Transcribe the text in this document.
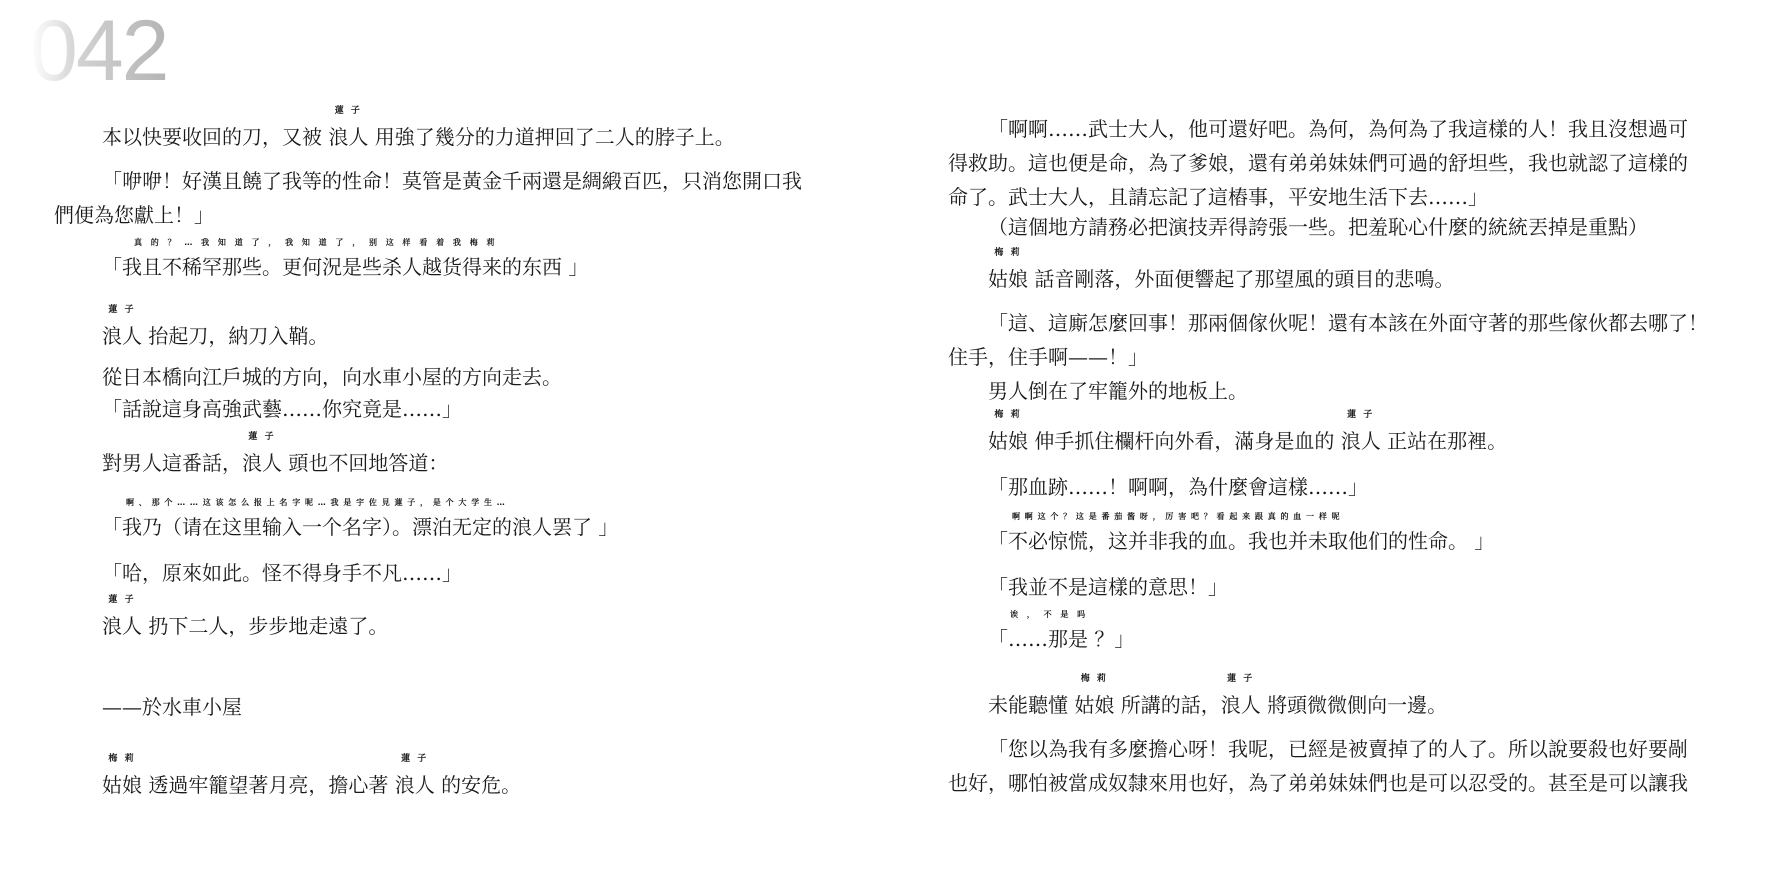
042
本以快要收回的刀，又被
蓮 子
浪人 用強了幾分的力道押回了二人的脖子上。
「咿咿！好漢且饒了我等的性命！莫管是黃金千兩還是綢緞百匹，只消您開口我
們便為您獻上！」
真 的 ？ … 我 知 道 了 ， 我 知 道 了 ， 别 这 样 看 着 我 梅 莉
「我且不稀罕那些。更何況是些杀人越货得来的东西 」
蓮 子
浪人 抬起刀，納刀入鞘。
從日本橋向江戶城的方向，向水車小屋的方向走去。
「話說這身高強武藝……你究竟是……」
對男人這番話，
蓮 子
浪人 頭也不回地答道：
啊 、 那 个 … … 这 该 怎 么 报 上 名 字 呢 … 我 是 宇 佐 見 蓮 子 ， 是 个 大 学 生 …
「我乃（请在这里输入一个名字）。漂泊无定的浪人罢了 」
「哈，原來如此。怪不得身手不凡……」
蓮 子
浪人 扔下二人，步步地走遠了。
——於水車小屋
梅 莉
姑娘 透過牢籠望著月亮，擔心著
蓮 子
浪人 的安危。
「啊啊……武士大人，他可還好吧。為何，為何為了我這樣的人！我且沒想過可
得救助。這也便是命，為了爹娘，還有弟弟妹妹們可過的舒坦些，我也就認了這樣的
命了。武士大人，且請忘記了這樁事，平安地生活下去……」
（這個地方請務必把演技弄得誇張一些。把羞恥心什麼的統統丟掉是重點）
梅 莉
姑娘 話音剛落，外面便響起了那望風的頭目的悲鳴。
「這、這廝怎麼回事！那兩個傢伙呢！還有本該在外面守著的那些傢伙都去哪了！
住手，住手啊——！」
男人倒在了牢籠外的地板上。
梅 莉
姑娘 伸手抓住欄杆向外看，滿身是血的
蓮 子
浪人 正站在那裡。
「那血跡……！啊啊，為什麼會這樣……」
啊 啊 这 个 ？ 这 是 番 茄 酱 呀 ， 厉 害 吧 ？ 看 起 来 跟 真 的 血 一 样 呢
「不必惊慌，这并非我的血。我也并未取他们的性命。 」
「我並不是這樣的意思！」
诶 ， 不 是 吗
「……那是 ？」
未能聽懂
梅 莉
姑娘 所講的話，
蓮 子
浪人 將頭微微側向一邊。
「您以為我有多麼擔心呀！我呢，已經是被賣掉了的人了。所以說要殺也好要剮
也好，哪怕被當成奴隸來用也好，為了弟弟妹妹們也是可以忍受的。甚至是可以讓我
